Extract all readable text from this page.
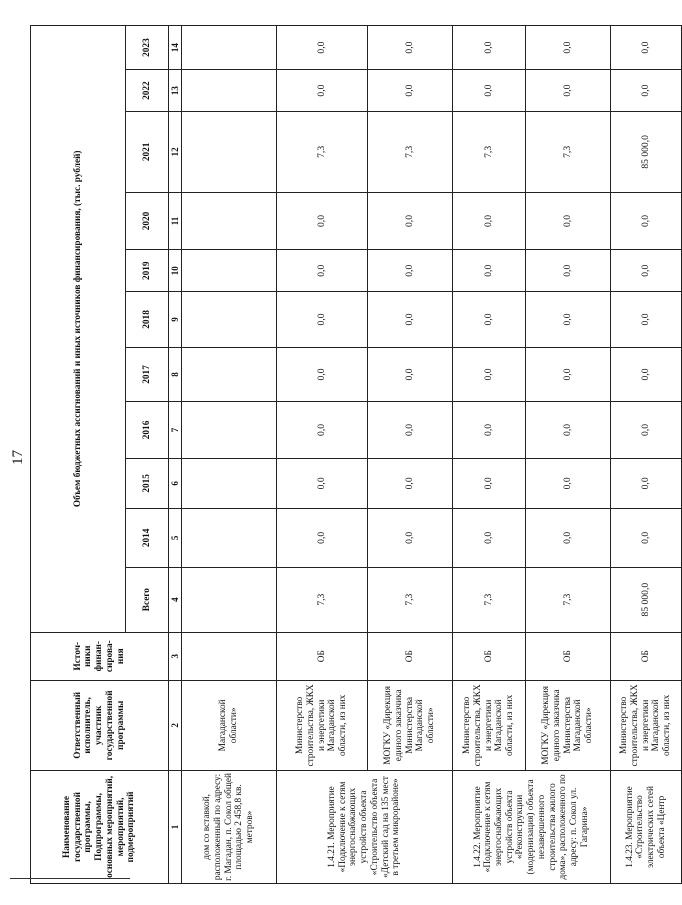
17
Наименование государственной программы, Подпрограммы, основных мероприятий, мероприятий, подмероприятий	Ответственный исполнитель, участник государственной программы	Источ-ники финан-сирова-ния	Объем бюджетных ассигнований и иных источников финансирования, (тыс. рублей)										
			Всего	2014	2015	2016	2017	2018	2019	2020	2021	2022	2023
1	2	3	4	5	6	7	8	9	10	11	12	13	14
дом со вставкой, расположенный по адресу: г. Магадан, п. Сокол общей площадью 2 458,8 кв. метров»	Магаданской области»												
1.4.21. Мероприятие «Подключение к сетям энергоснабжающих устройств объекта «Строительство объекта «Детский сад на 135 мест в третьем микрорайоне»	Министерство строительства, ЖКХ и энергетики Магаданской области, из них	ОБ	7,3	0,0	0,0	0,0	0,0	0,0	0,0	0,0	7,3	0,0	0,0
	МОГКУ «Дирекция единого заказчика Министерства Магаданской области»	ОБ	7,3	0,0	0,0	0,0	0,0	0,0	0,0	0,0	7,3	0,0	0,0
1.4.22. Мероприятие «Подключение к сетям энергоснабжающих устройств объекта «Реконструкции (модернизация) объекта незавершенного строительства жилого дома», расположенного по адресу: п. Сокол ул. Гагарина»	Министерство строительства, ЖКХ и энергетики Магаданской области, из них	ОБ	7,3	0,0	0,0	0,0	0,0	0,0	0,0	0,0	7,3	0,0	0,0
	МОГКУ «Дирекция единого заказчика Министерства Магаданской области»	ОБ	7,3	0,0	0,0	0,0	0,0	0,0	0,0	0,0	7,3	0,0	0,0
1.4.23. Мероприятие «Строительство электрических сетей объекта «Центр	Министерство строительства, ЖКХ и энергетики Магаданской области, из них	ОБ	85 000,0	0,0	0,0	0,0	0,0	0,0	0,0	0,0	85 000,0	0,0	0,0
